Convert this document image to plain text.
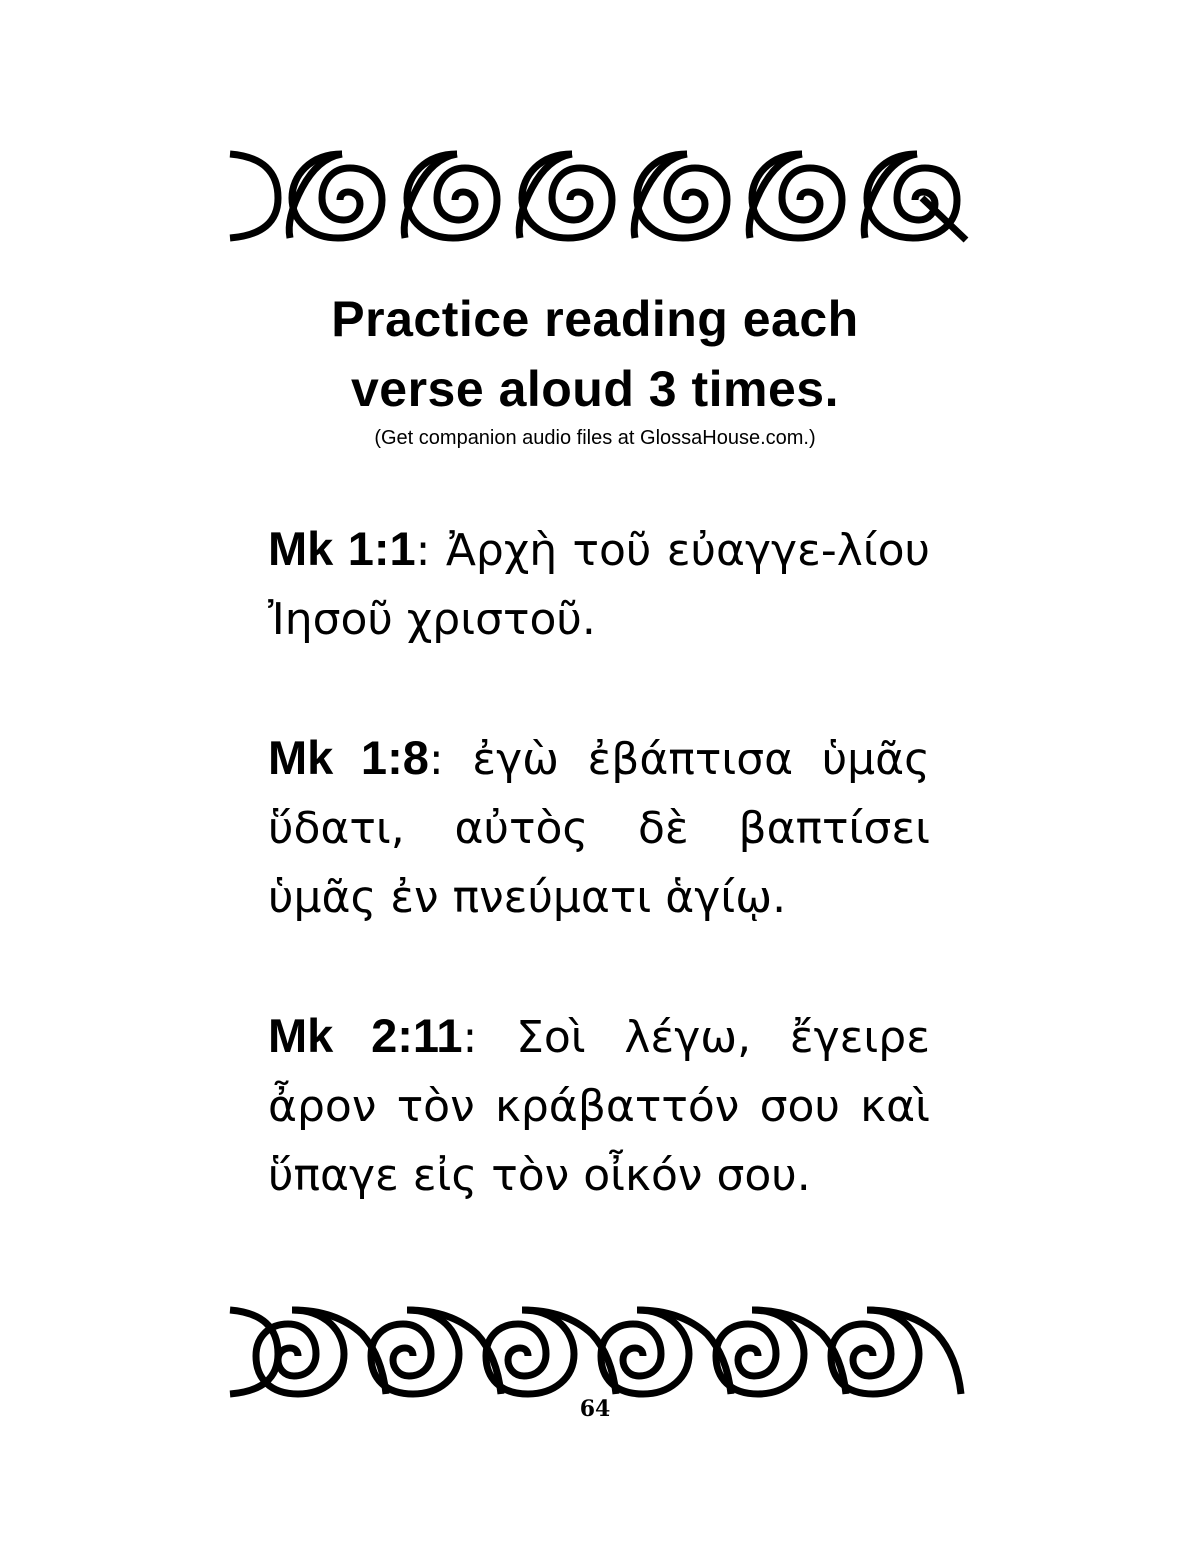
Practice reading each
verse aloud 3 times.
(Get companion audio files at GlossaHouse.com.)
Mk 1:1: Ἀρχὴ τοῦ εὐαγγε-λίου Ἰησοῦ χριστοῦ.
Mk 1:8: ἐγὼ ἐβάπτισα ὑμᾶς ὕδατι, αὐτὸς δὲ βαπτίσει ὑμᾶς ἐν πνεύματι ἁγίῳ.
Mk 2:11: Σοὶ λέγω, ἔγειρε ἆρον τὸν κράβαττόν σου καὶ ὕπαγε εἰς τὸν οἶκόν σου.
64
